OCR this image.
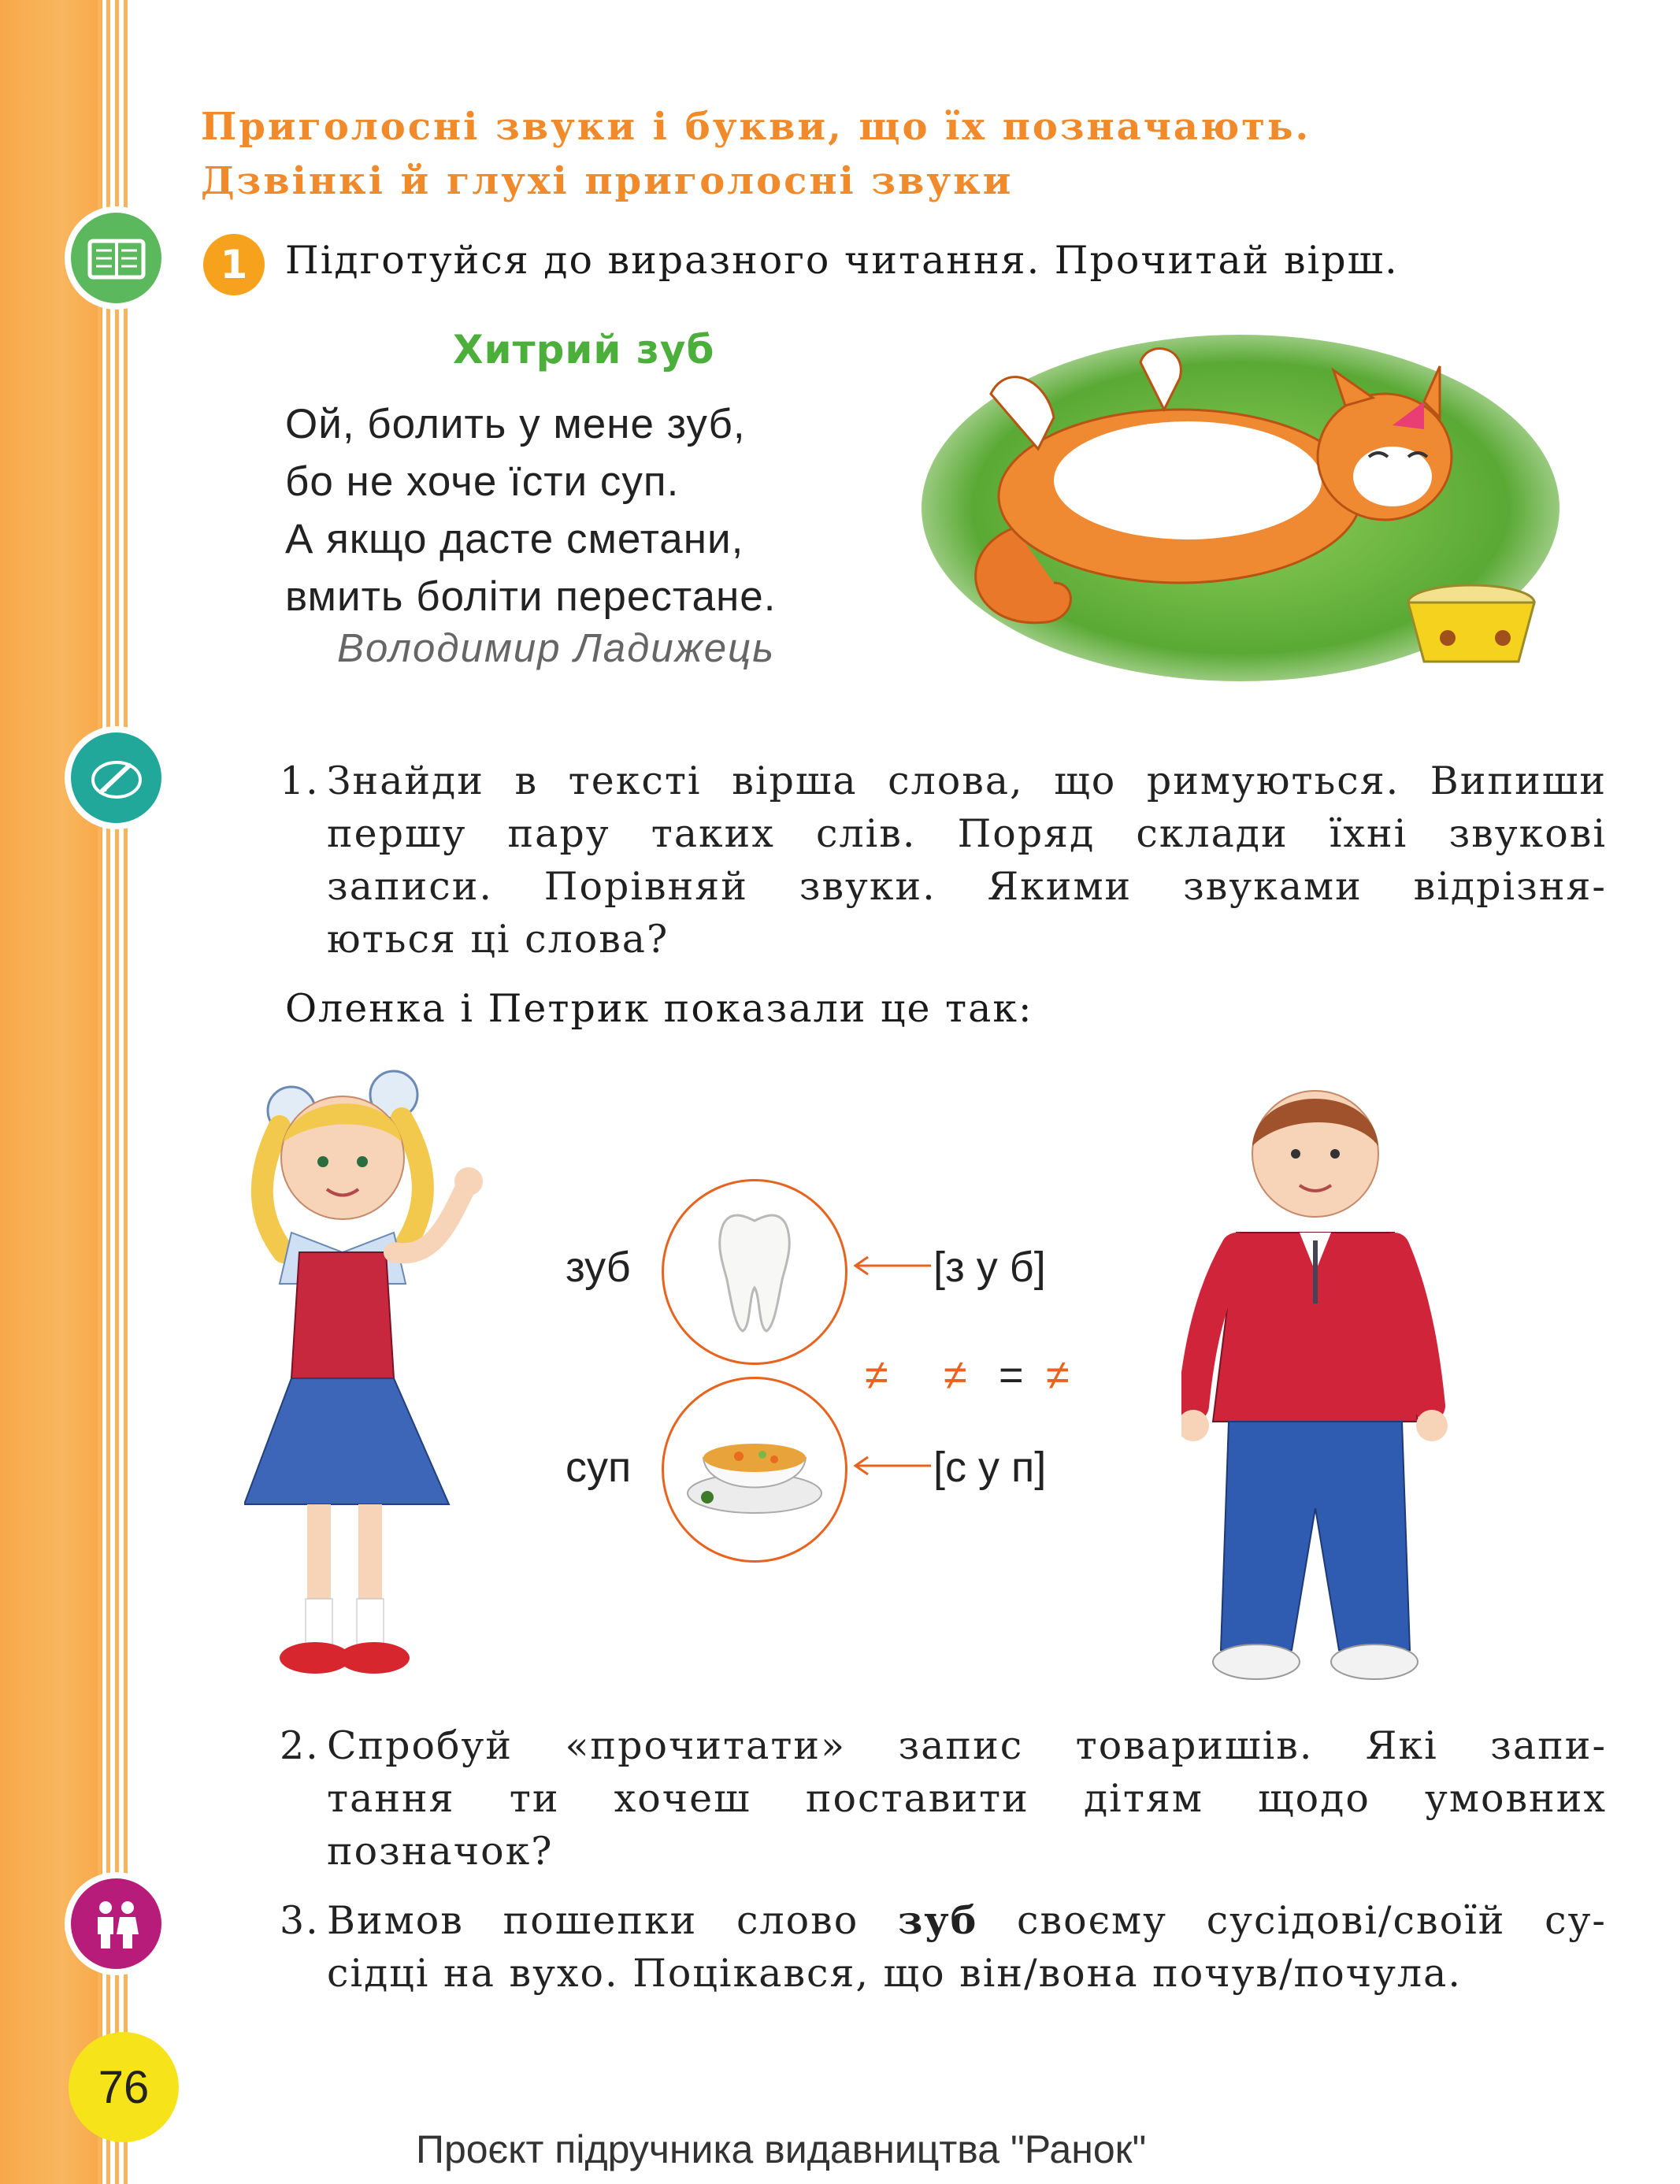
Приголосні звуки і букви, що їх позначають.
Дзвінкі й глухі приголосні звуки
1 Підготуйся до виразного читання. Прочитай вірш.
Хитрий зуб
Ой, болить у мене зуб,
бо не хоче їсти суп.
А якщо дасте сметани,
вмить боліти перестане.
Володимир Ладижець
1. Знайди в тексті вірша слова, що римуються. Випиши
першу пару таких слів. Поряд склади їхні звукові
записи. Порівняй звуки. Якими звуками відрізня-
ються ці слова?
Оленка і Петрик показали це так:
зуб
суп
[з у б]
[с у п]
≠ ≠ = ≠
2. Спробуй «прочитати» запис товаришів. Які запи-
тання ти хочеш поставити дітям щодо умовних
позначок?
3. Вимов пошепки слово зуб своєму сусідові/своїй су-
сідці на вухо. Поцікався, що він/вона почув/почула.
76
Проєкт підручника видавництва "Ранок"
